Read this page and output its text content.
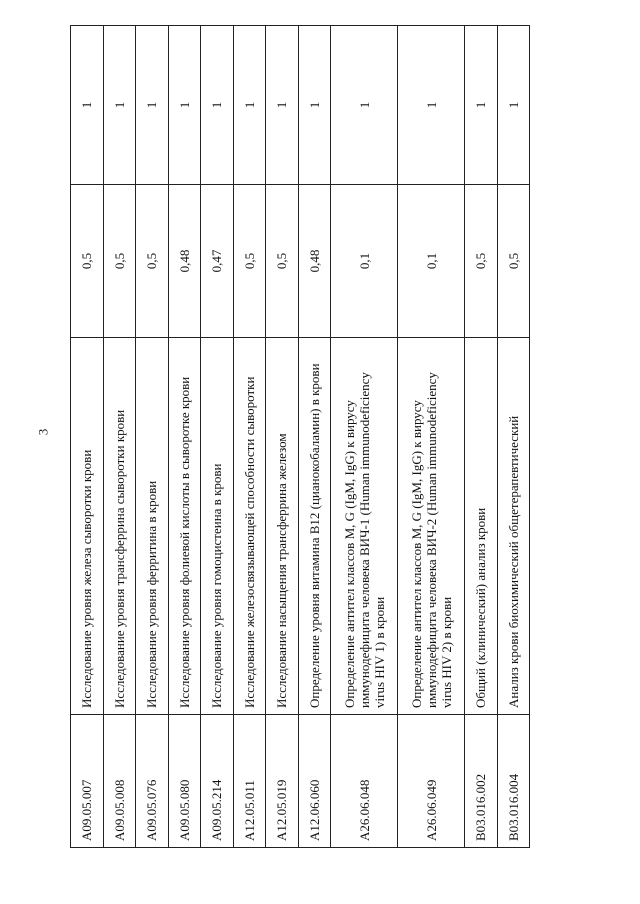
3
A09.05.007	Исследование уровня железа сыворотки крови	0,5	1
A09.05.008	Исследование уровня трансферрина сыворотки крови	0,5	1
A09.05.076	Исследование уровня ферритина в крови	0,5	1
A09.05.080	Исследование уровня фолиевой кислоты в сыворотке крови	0,48	1
A09.05.214	Исследование уровня гомоцистеина в крови	0,47	1
A12.05.011	Исследование железосвязывающей способности сыворотки	0,5	1
A12.05.019	Исследование насыщения трансферрина железом	0,5	1
A12.06.060	Определение уровня витамина B12 (цианокобаламин) в крови	0,48	1
A26.06.048	Определение антител классов M, G (IgM, IgG) к вирусу иммунодефицита человека ВИЧ-1 (Human immunodeficiency virus HIV 1) в крови	0,1	1
A26.06.049	Определение антител классов M, G (IgM, IgG) к вирусу иммунодефицита человека ВИЧ-2 (Human immunodeficiency virus HIV 2) в крови	0,1	1
B03.016.002	Общий (клинический) анализ крови	0,5	1
B03.016.004	Анализ крови биохимический общетерапевтический	0,5	1
